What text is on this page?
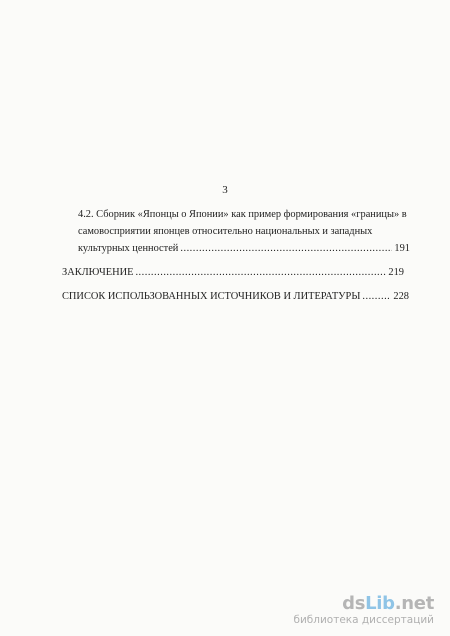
3
4.2. Сборник «Японцы о Японии» как пример формирования «границы» в
самовосприятии японцев относительно национальных и западных
культурных ценностей .....	191
ЗАКЛЮЧЕНИЕ .....	219
СПИСОК ИСПОЛЬЗОВАННЫХ ИСТОЧНИКОВ И ЛИТЕРАТУРЫ .....	228
dsLib.net
библиотека диссертаций
